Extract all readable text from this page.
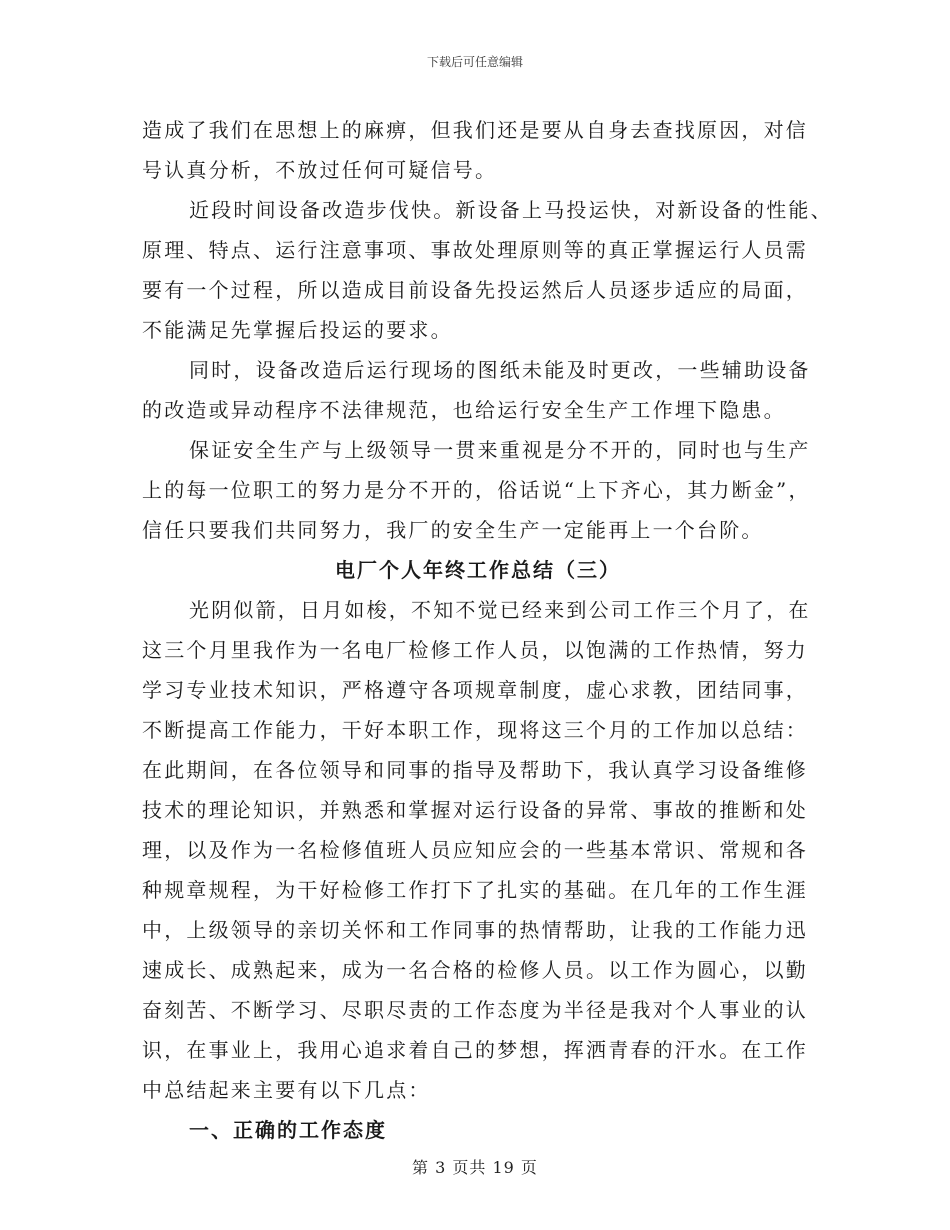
下载后可任意编辑
造成了我们在思想上的麻痹，但我们还是要从自身去查找原因，对信
号认真分析，不放过任何可疑信号。
近段时间设备改造步伐快。新设备上马投运快，对新设备的性能、
原理、特点、运行注意事项、事故处理原则等的真正掌握运行人员需
要有一个过程，所以造成目前设备先投运然后人员逐步适应的局面，
不能满足先掌握后投运的要求。
同时，设备改造后运行现场的图纸未能及时更改，一些辅助设备
的改造或异动程序不法律规范，也给运行安全生产工作埋下隐患。
保证安全生产与上级领导一贯来重视是分不开的，同时也与生产
上的每一位职工的努力是分不开的，俗话说“上下齐心，其力断金”，
信任只要我们共同努力，我厂的安全生产一定能再上一个台阶。
电厂个人年终工作总结（三）
光阴似箭，日月如梭，不知不觉已经来到公司工作三个月了，在
这三个月里我作为一名电厂检修工作人员，以饱满的工作热情，努力
学习专业技术知识，严格遵守各项规章制度，虚心求教，团结同事，
不断提高工作能力，干好本职工作，现将这三个月的工作加以总结：
在此期间，在各位领导和同事的指导及帮助下，我认真学习设备维修
技术的理论知识，并熟悉和掌握对运行设备的异常、事故的推断和处
理，以及作为一名检修值班人员应知应会的一些基本常识、常规和各
种规章规程，为干好检修工作打下了扎实的基础。在几年的工作生涯
中，上级领导的亲切关怀和工作同事的热情帮助，让我的工作能力迅
速成长、成熟起来，成为一名合格的检修人员。以工作为圆心，以勤
奋刻苦、不断学习、尽职尽责的工作态度为半径是我对个人事业的认
识，在事业上，我用心追求着自己的梦想，挥洒青春的汗水。在工作
中总结起来主要有以下几点：
一、正确的工作态度
第 3 页共 19 页
